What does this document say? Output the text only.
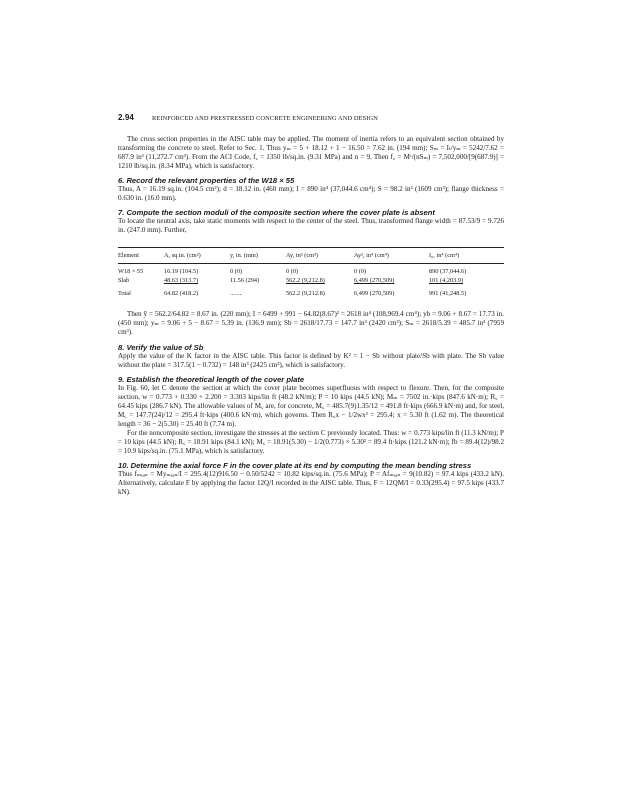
2.94	REINFORCED AND PRESTRESSED CONCRETE ENGINEERING AND DESIGN

The cross section properties in the AISC table may be applied. The moment of inertia refers to an equivalent section obtained by transforming the concrete to steel. Refer to Sec. 1. Thus yₘ = 5 + 18.12 + 1 − 16.50 = 7.62 in. (194 mm); Sₘ = Iₜ/yₘ = 5242/7.62 = 687.9 in³ (11,272.7 cm³). From the ACI Code, f꜀ = 1350 lb/sq.in. (9.31 MPa) and n = 9. Then f꜀ = Mᶜ/(nSₘ) = 7,502,000/[9(687.9)] = 1210 lb/sq.in. (8.34 MPa), which is satisfactory.

6. Record the relevant properties of the W18 × 55

Thus, A = 16.19 sq.in. (104.5 cm²); d = 18.12 in. (460 mm); I = 890 in⁴ (37,044.6 cm⁴); S = 98.2 in³ (1609 cm³); flange thickness = 0.630 in. (16.0 mm).

7. Compute the section moduli of the composite section where the cover plate is absent

To locate the neutral axis, take static moments with respect to the center of the steel. Thus, transformed flange width = 87.53/9 = 9.726 in. (247.0 mm). Further,

Element	A, sq.in. (cm²)	y, in. (mm)	Ay, in³ (cm³)	Ay², in⁴ (cm⁴)	I₀, in⁴ (cm⁴)
W18 × 55	16.19 (104.5)	0 (0)	0 (0)	0 (0)	890 (37,044.6)
Slab	48.63 (313.7)	11.56 (294)	562.2 (9,212.8)	6,499 (270,509)	101 (4,203.9)
Total	64.82 (418.2)	........	562.2 (9,212.8)	6,499 (270,509)	991 (41,248.5)

Then ȳ = 562.2/64.82 = 8.67 in. (220 mm); I = 6499 + 991 − 64.82(8.67)² = 2618 in⁴ (108,969.4 cm⁴); yb = 9.06 + 8.67 = 17.73 in. (450 mm); yₘ = 9.06 + 5 − 8.67 = 5.39 in. (136.9 mm); Sb = 2618/17.73 = 147.7 in³ (2420 cm³); Sₘ = 2618/5.39 = 485.7 in³ (7959 cm³).

8. Verify the value of Sb

Apply the value of the K factor in the AISC table. This factor is defined by K² = 1 − Sb without plate/Sb with plate. The Sb value without the plate = 317.5(1 − 0.732) = 148 in³ (2425 cm³), which is satisfactory.

9. Establish the theoretical length of the cover plate

In Fig. 60, let C denote the section at which the cover plate becomes superfluous with respect to flexure. Then, for the composite section, w = 0.773 + 0.330 + 2.200 = 3.303 kips/lin ft (48.2 kN/m); P = 10 kips (44.5 kN); Mₘ = 7502 in.·kips (847.6 kN·m); R꜀ = 64.45 kips (286.7 kN). The allowable values of M꜀ are, for concrete, M꜀ = 485.7(9)1.35/12 = 491.8 ft·kips (666.9 kN·m) and, for steel, M꜀ = 147.7(24)/12 = 295.4 ft·kips (400.6 kN·m), which governs. Then R꜀x − 1/2wx² = 295.4; x = 5.30 ft (1.62 m). The theoretical length = 36 − 2(5.30) = 25.40 ft (7.74 m).

For the noncomposite section, investigate the stresses at the section C previously located. Thus: w = 0.773 kips/lin ft (11.3 kN/m); P = 10 kips (44.5 kN); R꜀ = 18.91 kips (84.1 kN); M꜀ = 18.91(5.30) − 1/2(0.773) × 5.30² = 89.4 ft·kips (121.2 kN·m); fb = 89.4(12)/98.2 = 10.9 kips/sq.in. (75.1 MPa), which is satisfactory.

10. Determine the axial force F in the cover plate at its end by computing the mean bending stress

Thus fₘₑₐₙ = Myₘₑₐₙ/I = 295.4(12)916.50 − 0.50/5242 = 10.82 kips/sq.in. (75.6 MPa); P = Afₘₑₐₙ = 9(10.82) = 97.4 kips (433.2 kN). Alternatively, calculate F by applying the factor 12Q/I recorded in the AISC table. Thus, F = 12QM/I = 0.33(295.4) = 97.5 kips (433.7 kN).
